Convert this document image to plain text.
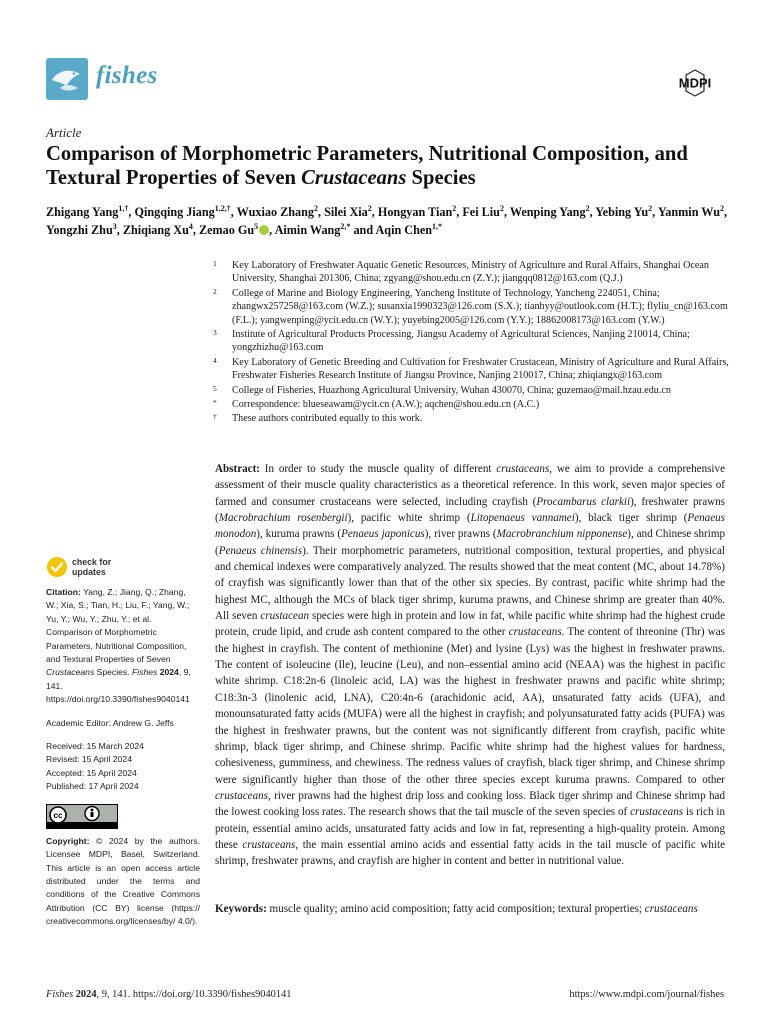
fishes	MDPI
Article
Comparison of Morphometric Parameters, Nutritional Composition, and Textural Properties of Seven Crustaceans Species
Zhigang Yang$^{1,\dagger}$, Qingqing Jiang$^{1,2,\dagger}$, Wuxiao Zhang$^2$, Silei Xia$^2$, Hongyan Tian$^2$, Fei Liu$^2$, Wenping Yang$^2$, Yebing Yu$^2$, Yanmin Wu$^2$, Yongzhi Zhu$^3$, Zhiqiang Xu$^4$, Zemao Gu$^5$ , Aimin Wang$^{2,*}$ and Aqin Chen$^{1,*}$
1 Key Laboratory of Freshwater Aquatic Genetic Resources, Ministry of Agriculture and Rural Affairs, Shanghai Ocean University, Shanghai 201306, China; zgyang@shou.edu.cn (Z.Y.); jiangqq0812@163.com (Q.J.)
2 College of Marine and Biology Engineering, Yancheng Institute of Technology, Yancheng 224051, China; zhangwx257258@163.com (W.Z.); susanxia1990323@126.com (S.X.); tianhyy@outlook.com (H.T.); flyliu_cn@163.com (F.L.); yangwenping@ycit.edu.cn (W.Y.); yuyebing2005@126.com (Y.Y.); 18862008173@163.com (Y.W.)
3 Institute of Agricultural Products Processing, Jiangsu Academy of Agricultural Sciences, Nanjing 210014, China; yongzhizhu@163.com
4 Key Laboratory of Genetic Breeding and Cultivation for Freshwater Crustacean, Ministry of Agriculture and Rural Affairs, Freshwater Fisheries Research Institute of Jiangsu Province, Nanjing 210017, China; zhiqiangx@163.com
5 College of Fisheries, Huazhong Agricultural University, Wuhan 430070, China; guzemao@mail.hzau.edu.cn
* Correspondence: blueseawam@ycit.cn (A.W.); aqchen@shou.edu.cn (A.C.)
† These authors contributed equally to this work.
check for
updates
Citation: Yang, Z.; Jiang, Q.; Zhang, W.; Xia, S.; Tian, H.; Liu, F.; Yang, W.; Yu, Y.; Wu, Y.; Zhu, Y.; et al. Comparison of Morphometric Parameters, Nutritional Composition, and Textural Properties of Seven Crustaceans Species. Fishes 2024, 9, 141. https://doi.org/10.3390/fishes9040141
Academic Editor: Andrew G. Jeffs
Received: 15 March 2024
Revised: 15 April 2024
Accepted: 15 April 2024
Published: 17 April 2024
cc
Copyright: © 2024 by the authors. Licensee MDPI, Basel, Switzerland. This article is an open access article distributed under the terms and conditions of the Creative Commons Attribution (CC BY) license (https:// creativecommons.org/licenses/by/ 4.0/).
Abstract: In order to study the muscle quality of different crustaceans, we aim to provide a comprehensive assessment of their muscle quality characteristics as a theoretical reference. In this work, seven major species of farmed and consumer crustaceans were selected, including crayfish (Procambarus clarkii), freshwater prawns (Macrobrachium rosenbergii), pacific white shrimp (Litopenaeus vannamei), black tiger shrimp (Penaeus monodon), kuruma prawns (Penaeus japonicus), river prawns (Macrobranchium nipponense), and Chinese shrimp (Penaeus chinensis). Their morphometric parameters, nutritional composition, textural properties, and physical and chemical indexes were comparatively analyzed. The results showed that the meat content (MC, about 14.78%) of crayfish was significantly lower than that of the other six species. By contrast, pacific white shrimp had the highest MC, although the MCs of black tiger shrimp, kuruma prawns, and Chinese shrimp are greater than 40%. All seven crustacean species were high in protein and low in fat, while pacific white shrimp had the highest crude protein, crude lipid, and crude ash content compared to the other crustaceans. The content of threonine (Thr) was the highest in crayfish. The content of methionine (Met) and lysine (Lys) was the highest in freshwater prawns. The content of isoleucine (Ile), leucine (Leu), and non–essential amino acid (NEAA) was the highest in pacific white shrimp. C18:2n-6 (linoleic acid, LA) was the highest in freshwater prawns and pacific white shrimp; C18:3n-3 (linolenic acid, LNA), C20:4n-6 (arachidonic acid, AA), unsaturated fatty acids (UFA), and monounsaturated fatty acids (MUFA) were all the highest in crayfish; and polyunsaturated fatty acids (PUFA) was the highest in freshwater prawns, but the content was not significantly different from crayfish, pacific white shrimp, black tiger shrimp, and Chinese shrimp. Pacific white shrimp had the highest values for hardness, cohesiveness, gumminess, and chewiness. The redness values of crayfish, black tiger shrimp, and Chinese shrimp were significantly higher than those of the other three species except kuruma prawns. Compared to other crustaceans, river prawns had the highest drip loss and cooking loss. Black tiger shrimp and Chinese shrimp had the lowest cooking loss rates. The research shows that the tail muscle of the seven species of crustaceans is rich in protein, essential amino acids, unsaturated fatty acids and low in fat, representing a high-quality protein. Among these crustaceans, the main essential amino acids and essential fatty acids in the tail muscle of pacific white shrimp, freshwater prawns, and crayfish are higher in content and better in nutritional value.
Keywords: muscle quality; amino acid composition; fatty acid composition; textural properties; crustaceans
Fishes 2024, 9, 141. https://doi.org/10.3390/fishes9040141	https://www.mdpi.com/journal/fishes
